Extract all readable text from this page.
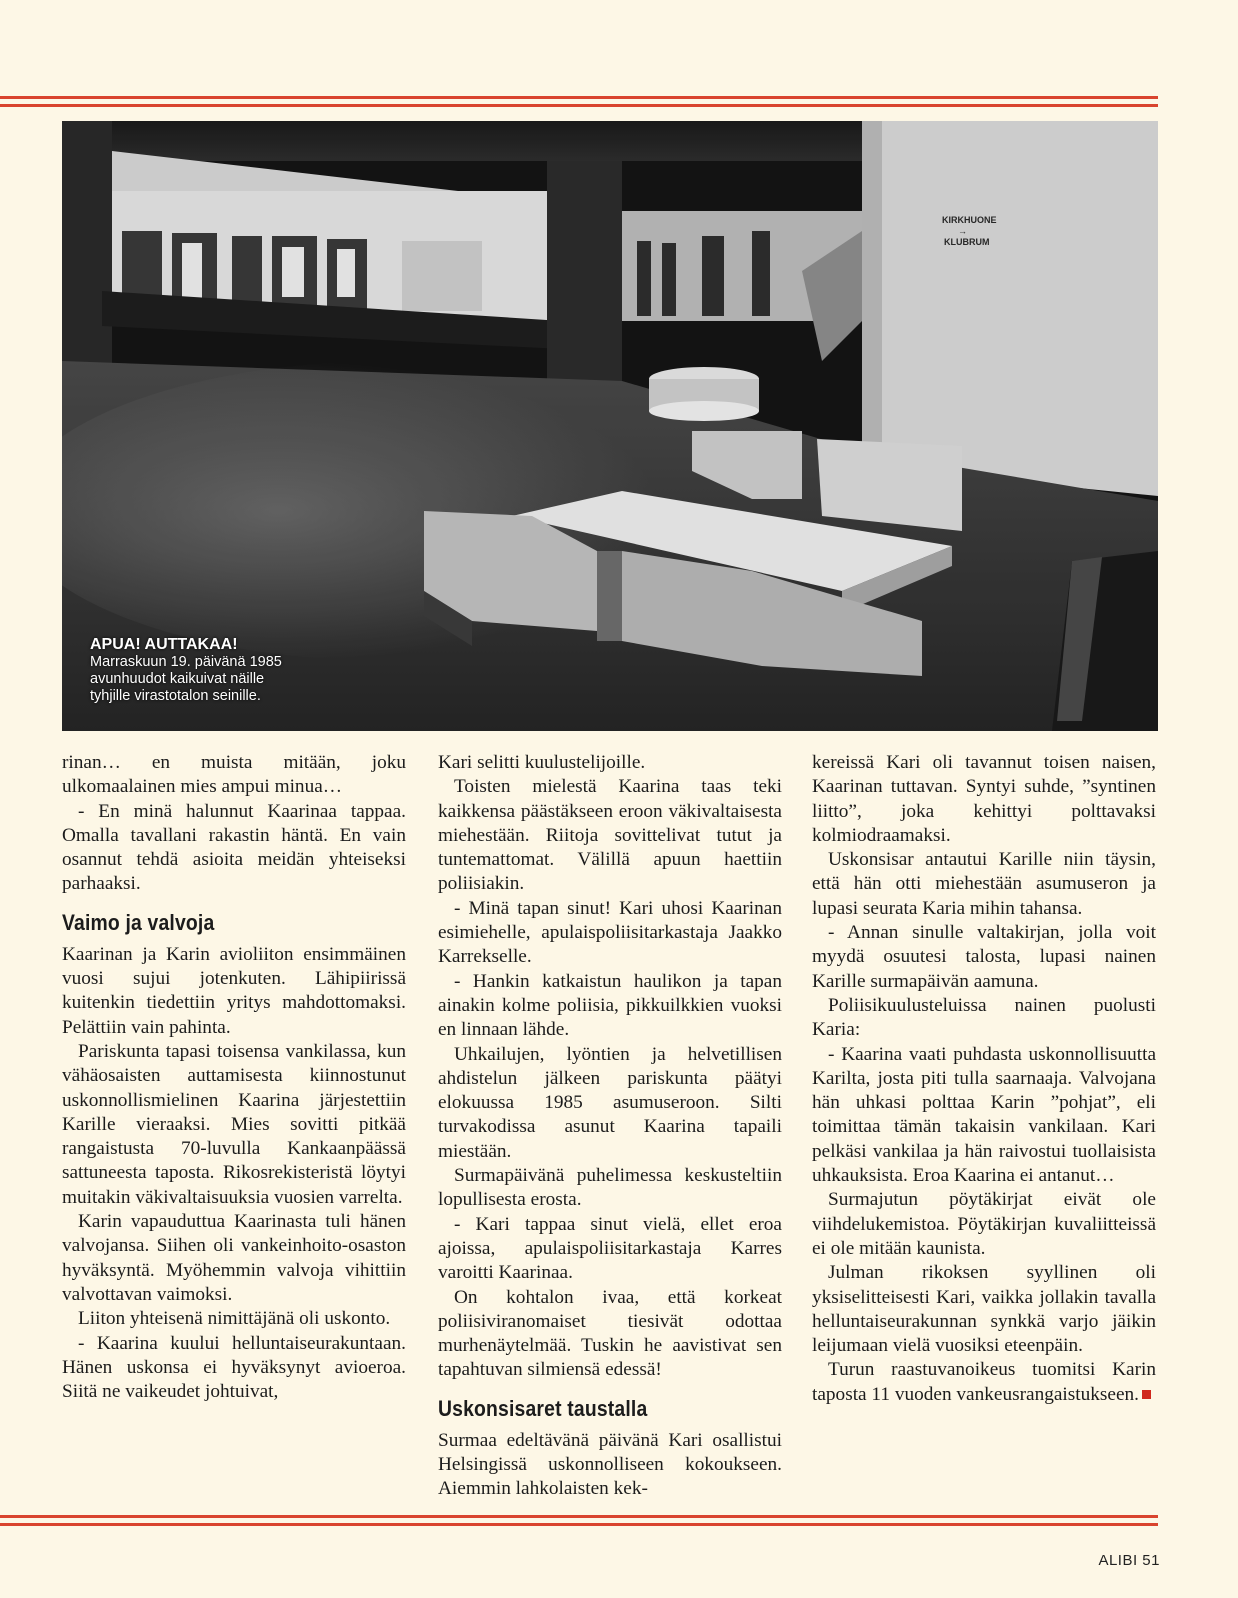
KIRKHUONE
→
KLUBRUM
APUA! AUTTAKAA!
Marraskuun 19. päivänä 1985
avunhuudot kaikuivat näille
tyhjille virastotalon seinille.

rinan… en muista mitään, joku ulkomaalainen mies ampui minua…

- En minä halunnut Kaarinaa tappaa. Omalla tavallani rakastin häntä. En vain osannut tehdä asioita meidän yhteiseksi parhaaksi.

Vaimo ja valvoja

Kaarinan ja Karin avioliiton ensimmäinen vuosi sujui jotenkuten. Lähipiirissä kuitenkin tiedettiin yritys mahdottomaksi. Pelättiin vain pahinta.

Pariskunta tapasi toisensa vankilassa, kun vähäosaisten auttamisesta kiinnostunut uskonnollismielinen Kaarina järjestettiin Karille vieraaksi. Mies sovitti pitkää rangaistusta 70-luvulla Kankaanpäässä sattuneesta taposta. Rikosrekisteristä löytyi muitakin väkivaltaisuuksia vuosien varrelta.

Karin vapauduttua Kaarinasta tuli hänen valvojansa. Siihen oli vankeinhoito-osaston hyväksyntä. Myöhemmin valvoja vihittiin valvottavan vaimoksi.

Liiton yhteisenä nimittäjänä oli uskonto.

- Kaarina kuului helluntaiseurakuntaan. Hänen uskonsa ei hyväksynyt avioeroa. Siitä ne vaikeudet johtuivat,

Kari selitti kuulustelijoille.

Toisten mielestä Kaarina taas teki kaikkensa päästäkseen eroon väkivaltaisesta miehestään. Riitoja sovittelivat tutut ja tuntemattomat. Välillä apuun haettiin poliisiakin.

- Minä tapan sinut! Kari uhosi Kaarinan esimiehelle, apulaispoliisitarkastaja Jaakko Karrekselle.

- Hankin katkaistun haulikon ja tapan ainakin kolme poliisia, pikkuilkkien vuoksi en linnaan lähde.

Uhkailujen, lyöntien ja helvetillisen ahdistelun jälkeen pariskunta päätyi elokuussa 1985 asumuseroon. Silti turvakodissa asunut Kaarina tapaili miestään.

Surmapäivänä puhelimessa keskusteltiin lopullisesta erosta.

- Kari tappaa sinut vielä, ellet eroa ajoissa, apulaispoliisitarkastaja Karres varoitti Kaarinaa.

On kohtalon ivaa, että korkeat poliisiviranomaiset tiesivät odottaa murhenäytelmää. Tuskin he aavistivat sen tapahtuvan silmiensä edessä!

Uskonsisaret taustalla

Surmaa edeltävänä päivänä Kari osallistui Helsingissä uskonnolliseen kokoukseen. Aiemmin lahkolaisten kek-

kereissä Kari oli tavannut toisen naisen, Kaarinan tuttavan. Syntyi suhde, ”syntinen liitto”, joka kehittyi polttavaksi kolmiodraamaksi.

Uskonsisar antautui Karille niin täysin, että hän otti miehestään asumuseron ja lupasi seurata Karia mihin tahansa.

- Annan sinulle valtakirjan, jolla voit myydä osuutesi talosta, lupasi nainen Karille surmapäivän aamuna.

Poliisikuulusteluissa nainen puolusti Karia:

- Kaarina vaati puhdasta uskonnollisuutta Karilta, josta piti tulla saarnaaja. Valvojana hän uhkasi polttaa Karin ”pohjat”, eli toimittaa tämän takaisin vankilaan. Kari pelkäsi vankilaa ja hän raivostui tuollaisista uhkauksista. Eroa Kaarina ei antanut…

Surmajutun pöytäkirjat eivät ole viihdelukemistoa. Pöytäkirjan kuvaliitteissä ei ole mitään kaunista.

Julman rikoksen syyllinen oli yksiselitteisesti Kari, vaikka jollakin tavalla helluntaiseurakunnan synkkä varjo jäikin leijumaan vielä vuosiksi eteenpäin.

Turun raastuvanoikeus tuomitsi Karin taposta 11 vuoden vankeusrangaistukseen.

ALIBI 51
